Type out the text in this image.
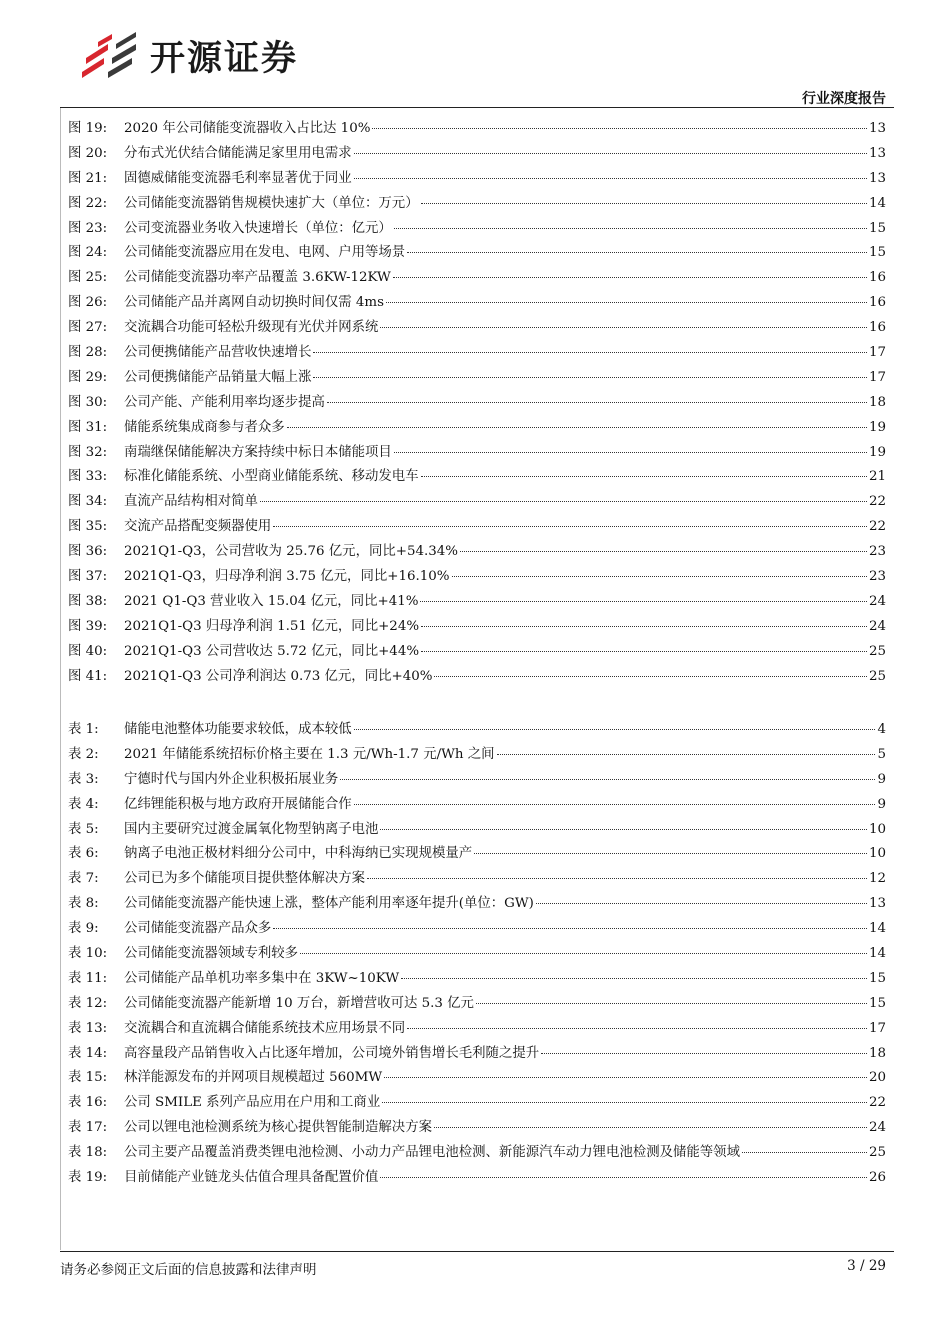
开源证券
行业深度报告
图 19:	2020 年公司储能变流器收入占比达 10%	13
图 20:	分布式光伏结合储能满足家里用电需求	13
图 21:	固德威储能变流器毛利率显著优于同业	13
图 22:	公司储能变流器销售规模快速扩大（单位：万元）	14
图 23:	公司变流器业务收入快速增长（单位：亿元）	15
图 24:	公司储能变流器应用在发电、电网、户用等场景	15
图 25:	公司储能变流器功率产品覆盖 3.6KW-12KW	16
图 26:	公司储能产品并离网自动切换时间仅需 4ms	16
图 27:	交流耦合功能可轻松升级现有光伏并网系统	16
图 28:	公司便携储能产品营收快速增长	17
图 29:	公司便携储能产品销量大幅上涨	17
图 30:	公司产能、产能利用率均逐步提高	18
图 31:	储能系统集成商参与者众多	19
图 32:	南瑞继保储能解决方案持续中标日本储能项目	19
图 33:	标准化储能系统、小型商业储能系统、移动发电车	21
图 34:	直流产品结构相对简单	22
图 35:	交流产品搭配变频器使用	22
图 36:	2021Q1-Q3，公司营收为 25.76 亿元，同比+54.34%	23
图 37:	2021Q1-Q3，归母净利润 3.75 亿元，同比+16.10%	23
图 38:	2021 Q1-Q3 营业收入 15.04 亿元，同比+41%	24
图 39:	2021Q1-Q3 归母净利润 1.51 亿元，同比+24%	24
图 40:	2021Q1-Q3 公司营收达 5.72 亿元，同比+44%	25
图 41:	2021Q1-Q3 公司净利润达 0.73 亿元，同比+40%	25
表 1:	储能电池整体功能要求较低，成本较低	4
表 2:	2021 年储能系统招标价格主要在 1.3 元/Wh-1.7 元/Wh 之间	5
表 3:	宁德时代与国内外企业积极拓展业务	9
表 4:	亿纬锂能积极与地方政府开展储能合作	9
表 5:	国内主要研究过渡金属氧化物型钠离子电池	10
表 6:	钠离子电池正极材料细分公司中，中科海纳已实现规模量产	10
表 7:	公司已为多个储能项目提供整体解决方案	12
表 8:	公司储能变流器产能快速上涨，整体产能利用率逐年提升(单位：GW)	13
表 9:	公司储能变流器产品众多	14
表 10:	公司储能变流器领域专利较多	14
表 11:	公司储能产品单机功率多集中在 3KW~10KW	15
表 12:	公司储能变流器产能新增 10 万台，新增营收可达 5.3 亿元	15
表 13:	交流耦合和直流耦合储能系统技术应用场景不同	17
表 14:	高容量段产品销售收入占比逐年增加，公司境外销售增长毛利随之提升	18
表 15:	林洋能源发布的并网项目规模超过 560MW	20
表 16:	公司 SMILE 系列产品应用在户用和工商业	22
表 17:	公司以锂电池检测系统为核心提供智能制造解决方案	24
表 18:	公司主要产品覆盖消费类锂电池检测、小动力产品锂电池检测、新能源汽车动力锂电池检测及储能等领域	25
表 19:	目前储能产业链龙头估值合理具备配置价值	26
请务必参阅正文后面的信息披露和法律声明	3 / 29
